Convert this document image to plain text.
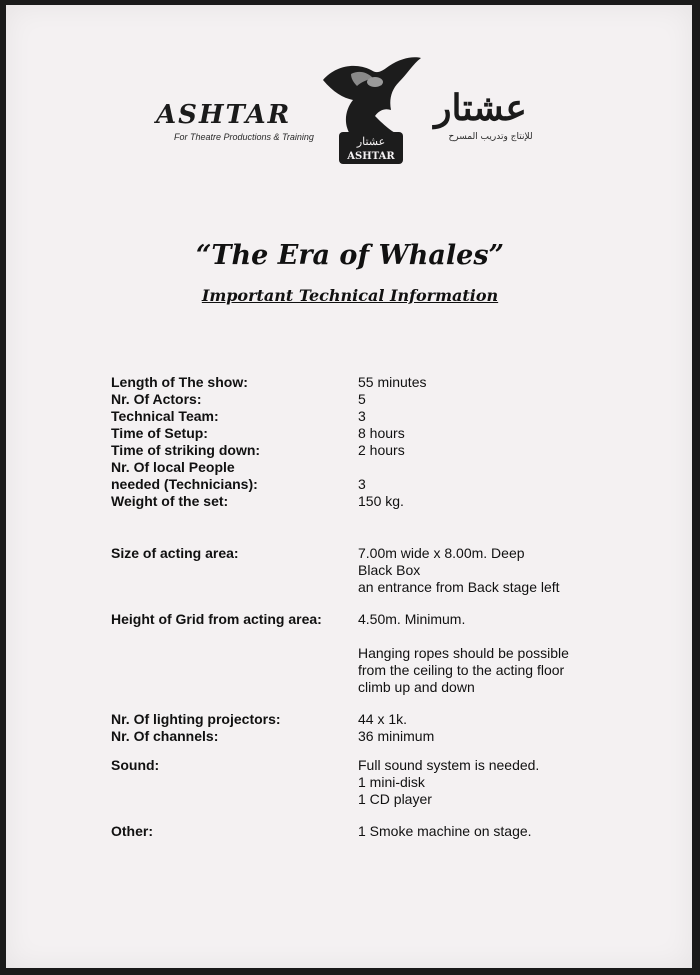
ASHTAR
For Theatre Productions & Training	عشتار
ASHTAR
عشتار
للإنتاج وتدريب المسرح
“The Era of Whales”
Important Technical Information
Length of The show:	55 minutes
Nr. Of Actors:	5
Technical Team:	3
Time of Setup:	8 hours
Time of striking down:	2 hours
Nr. Of local People
needed (Technicians):
	3
Weight of the set:	150 kg.
Size of acting area:	7.00m wide x 8.00m. Deep
Black Box
an entrance from Back stage left
Height of Grid from acting area:	4.50m. Minimum.

Hanging ropes should be possible
from the ceiling to the acting floor
climb up and down
Nr. Of lighting projectors:	44 x 1k.
Nr. Of channels:	36 minimum
Sound:	Full sound system is needed.
1 mini-disk
1 CD player
Other:	1 Smoke machine on stage.
